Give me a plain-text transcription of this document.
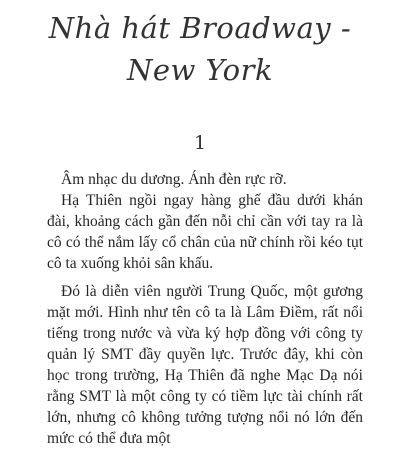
Nhà hát Broadway -
New York
1

Âm nhạc du dương. Ánh đèn rực rỡ.

Hạ Thiên ngồi ngay hàng ghế đầu dưới khán đài, khoảng cách gần đến nỗi chỉ cần với tay ra là cô có thể nắm lấy cổ chân của nữ chính rồi kéo tụt cô ta xuống khỏi sân khấu.

Đó là diễn viên người Trung Quốc, một gương mặt mới. Hình như tên cô ta là Lâm Điềm, rất nổi tiếng trong nước và vừa ký hợp đồng với công ty quản lý SMT đầy quyền lực. Trước đây, khi còn học trong trường, Hạ Thiên đã nghe Mạc Dạ nói rằng SMT là một công ty có tiềm lực tài chính rất lớn, nhưng cô không tưởng tượng nổi nó lớn đến mức có thể đưa một
